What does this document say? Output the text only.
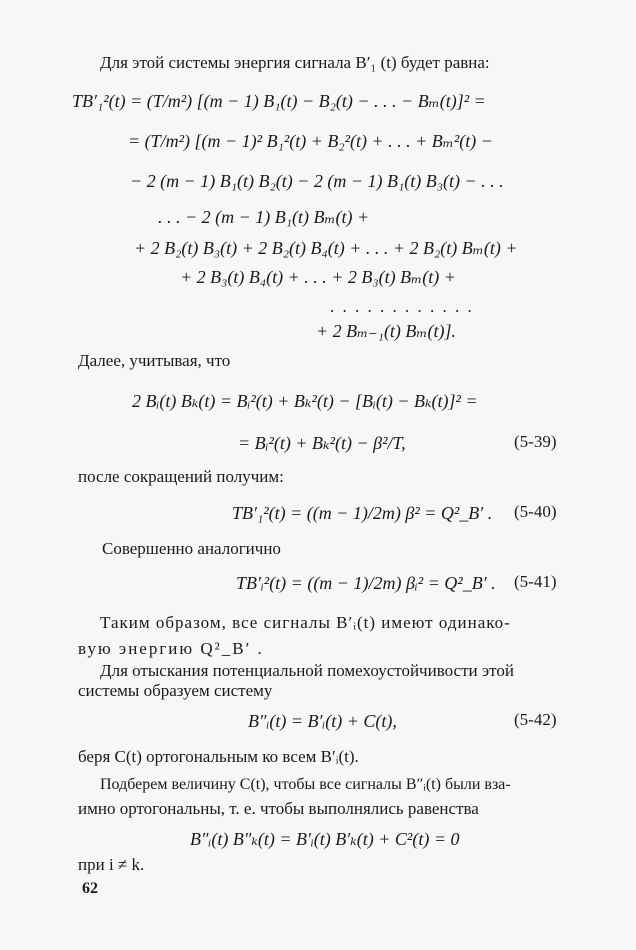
Для этой системы энергия сигнала B′₁ (t) будет равна:
TB′₁²(t) = (T/m²) [(m − 1) B₁(t) − B₂(t) − . . . − Bₘ(t)]² =
= (T/m²) [(m − 1)² B₁²(t) + B₂²(t) + . . . + Bₘ²(t) −
− 2 (m − 1) B₁(t) B₂(t) − 2 (m − 1) B₁(t) B₃(t) − . . .
. . . − 2 (m − 1) B₁(t) Bₘ(t) +
+ 2 B₂(t) B₃(t) + 2 B₂(t) B₄(t) + . . . + 2 B₂(t) Bₘ(t) +
+ 2 B₃(t) B₄(t) + . . . + 2 B₃(t) Bₘ(t) +
. . . . . . . . . . . .
+ 2 Bₘ₋₁(t) Bₘ(t)].
Далее, учитывая, что
2 Bᵢ(t) Bₖ(t) = Bᵢ²(t) + Bₖ²(t) − [Bᵢ(t) − Bₖ(t)]² =
= Bᵢ²(t) + Bₖ²(t) − β²/T,	(5-39)
после сокращений получим:
TB′₁²(t) = ((m − 1)/2m) β² = Q²_B′ . (5-40)
Совершенно аналогично
TB′ᵢ²(t) = ((m − 1)/2m) βᵢ² = Q²_B′ . (5-41)
Таким образом, все сигналы B′ᵢ(t) имеют одинако-
вую энергию Q²_B′ .
Для отыскания потенциальной помехоустойчивости этой
системы образуем систему
B″ᵢ(t) = B′ᵢ(t) + C(t),	(5-42)
беря C(t) ортогональным ко всем B′ᵢ(t).
Подберем величину C(t), чтобы все сигналы B″ᵢ(t) были вза-
имно ортогональны, т. е. чтобы выполнялись равенства
B″ᵢ(t) B″ₖ(t) = B′ᵢ(t) B′ₖ(t) + C²(t) = 0
при i ≠ k.
62
